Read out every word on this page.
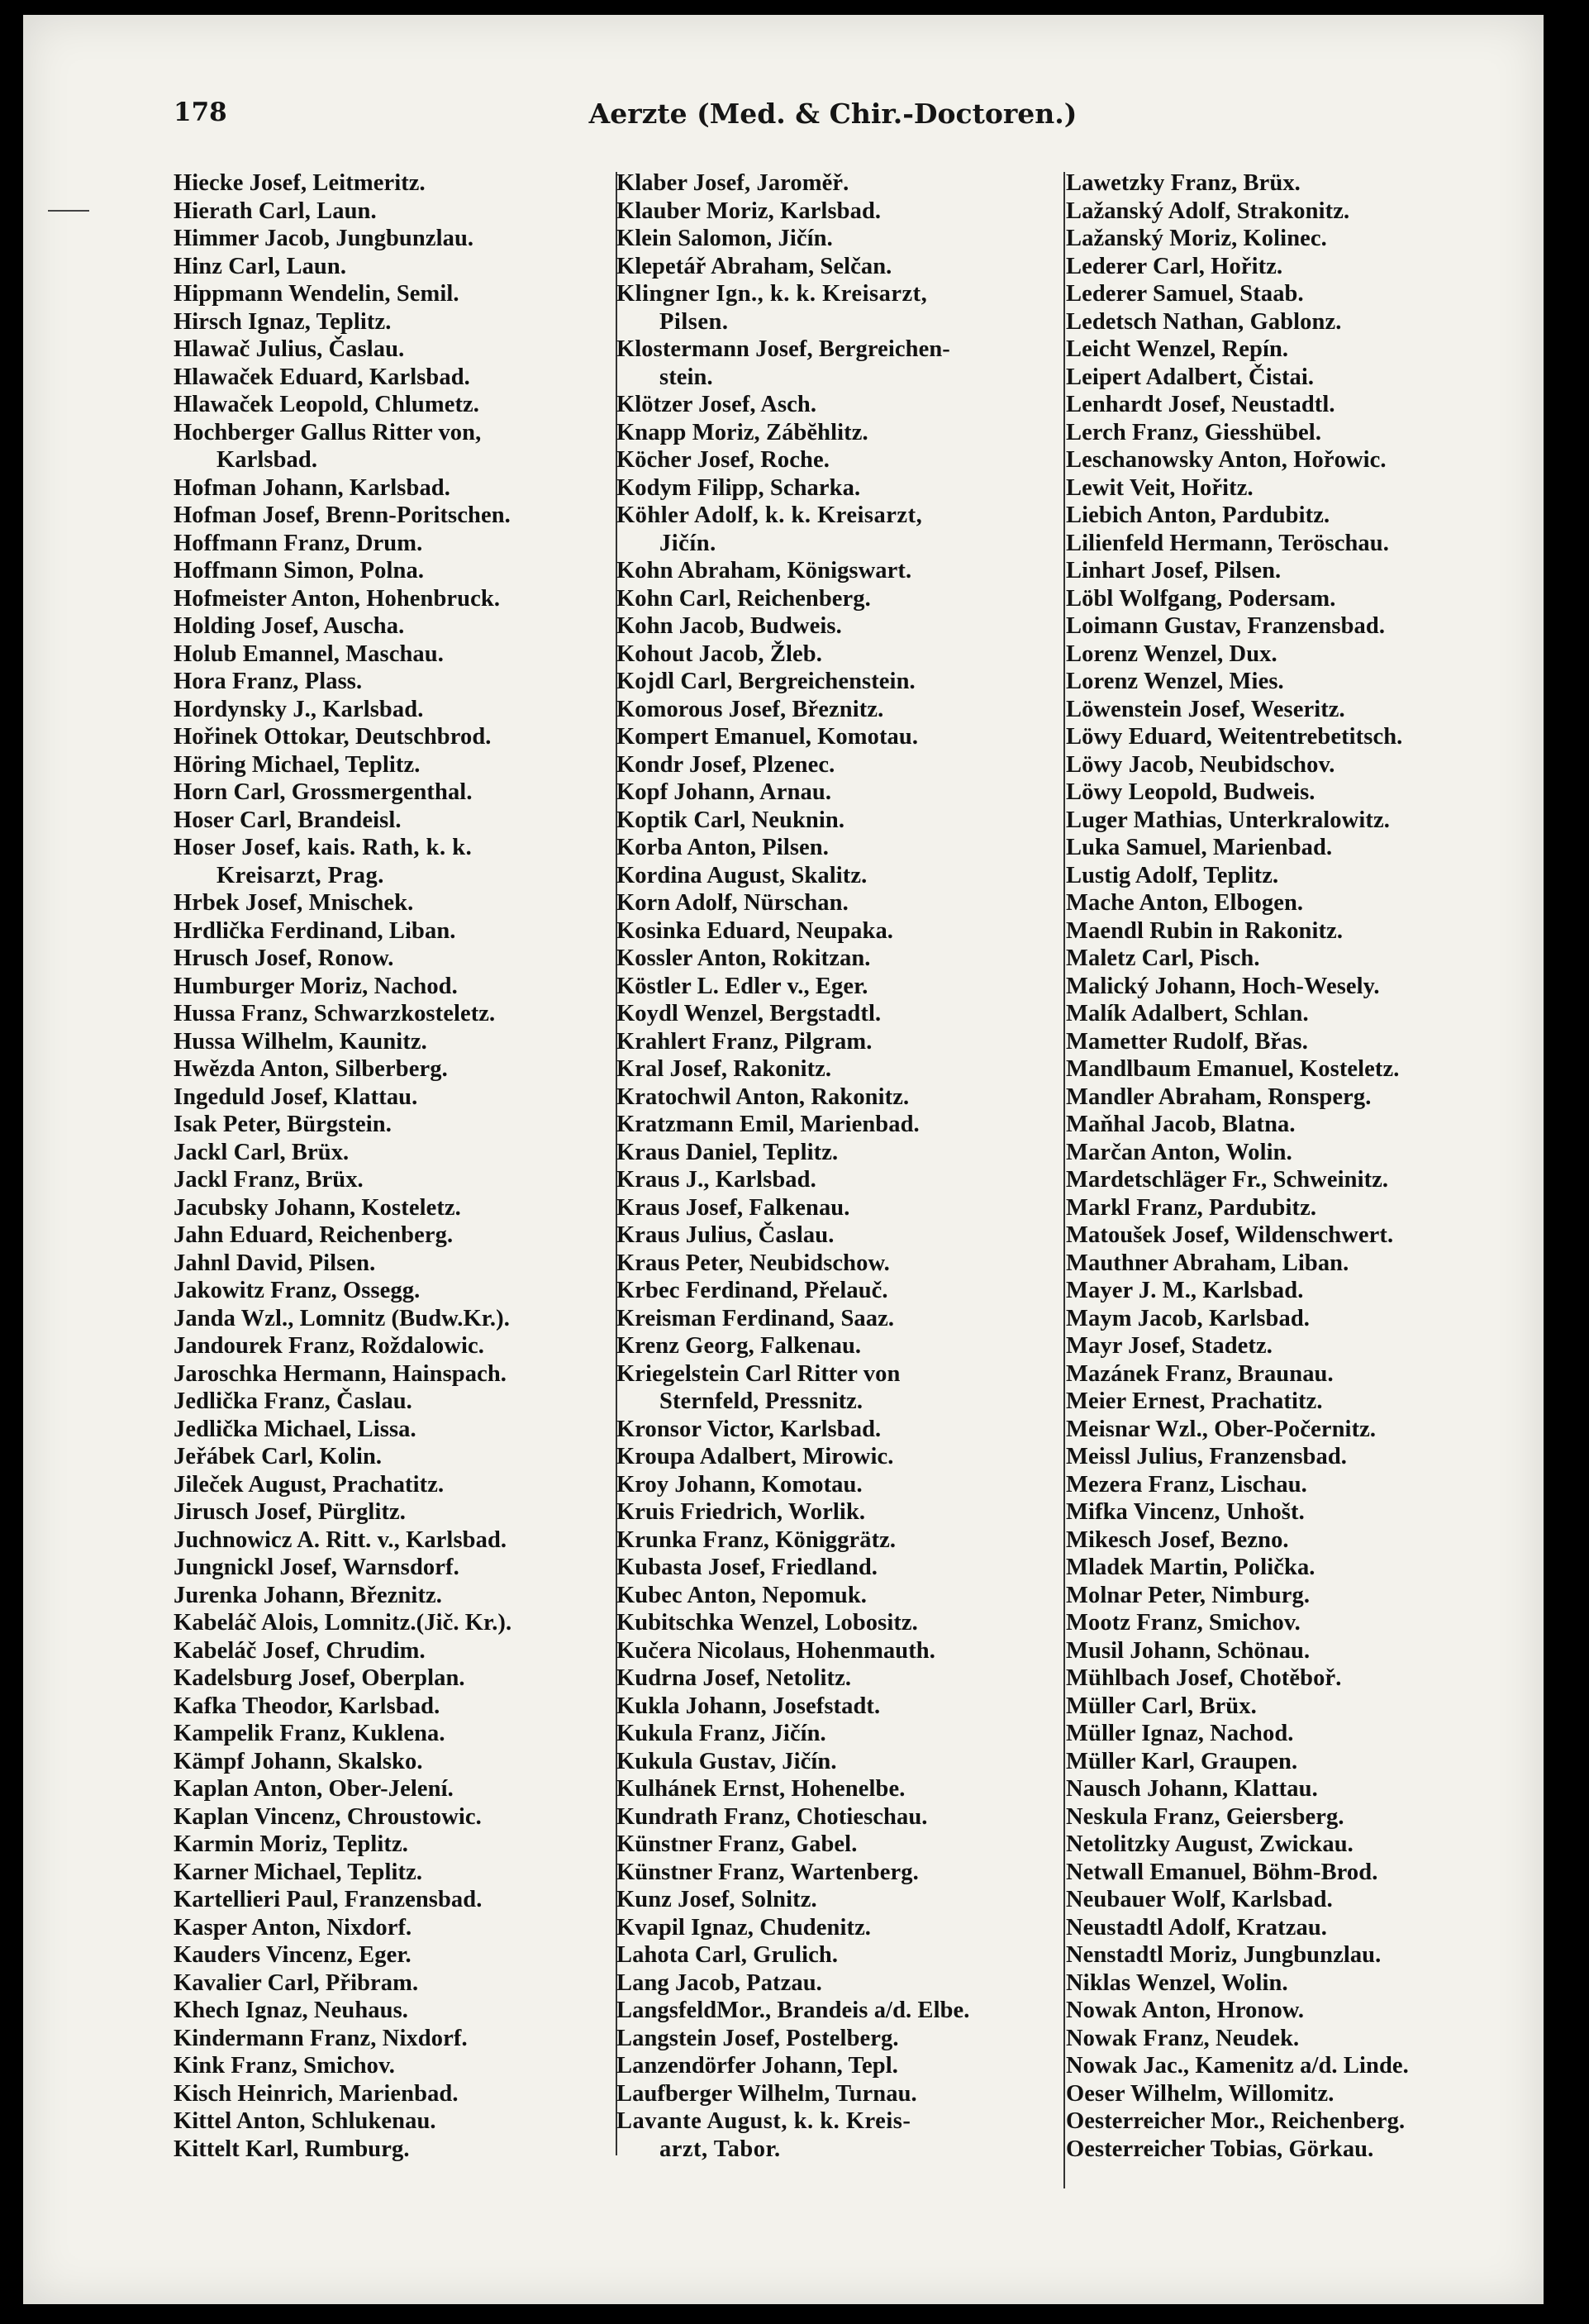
178	Aerzte (Med. & Chir.-Doctoren.)
Hiecke Josef, Leitmeritz.
Hierath Carl, Laun.
Himmer Jacob, Jungbunzlau.
Hinz Carl, Laun.
Hippmann Wendelin, Semil.
Hirsch Ignaz, Teplitz.
Hlawač Julius, Časlau.
Hlawaček Eduard, Karlsbad.
Hlawaček Leopold, Chlumetz.
Hochberger Gallus Ritter von,
Karlsbad.
Hofman Johann, Karlsbad.
Hofman Josef, Brenn-Poritschen.
Hoffmann Franz, Drum.
Hoffmann Simon, Polna.
Hofmeister Anton, Hohenbruck.
Holding Josef, Auscha.
Holub Emannel, Maschau.
Hora Franz, Plass.
Hordynsky J., Karlsbad.
Hořinek Ottokar, Deutschbrod.
Höring Michael, Teplitz.
Horn Carl, Grossmergenthal.
Hoser Carl, Brandeisl.
Hoser Josef, kais. Rath, k. k.
Kreisarzt, Prag.
Hrbek Josef, Mnischek.
Hrdlička Ferdinand, Liban.
Hrusch Josef, Ronow.
Humburger Moriz, Nachod.
Hussa Franz, Schwarzkosteletz.
Hussa Wilhelm, Kaunitz.
Hwězda Anton, Silberberg.
Ingeduld Josef, Klattau.
Isak Peter, Bürgstein.
Jackl Carl, Brüx.
Jackl Franz, Brüx.
Jacubsky Johann, Kosteletz.
Jahn Eduard, Reichenberg.
Jahnl David, Pilsen.
Jakowitz Franz, Ossegg.
Janda Wzl., Lomnitz (Budw.Kr.).
Jandourek Franz, Roždalowic.
Jaroschka Hermann, Hainspach.
Jedlička Franz, Časlau.
Jedlička Michael, Lissa.
Jeřábek Carl, Kolin.
Jileček August, Prachatitz.
Jirusch Josef, Pürglitz.
Juchnowicz A. Ritt. v., Karlsbad.
Jungnickl Josef, Warnsdorf.
Jurenka Johann, Březnitz.
Kabeláč Alois, Lomnitz.(Jič. Kr.).
Kabeláč Josef, Chrudim.
Kadelsburg Josef, Oberplan.
Kafka Theodor, Karlsbad.
Kampelik Franz, Kuklena.
Kämpf Johann, Skalsko.
Kaplan Anton, Ober-Jelení.
Kaplan Vincenz, Chroustowic.
Karmin Moriz, Teplitz.
Karner Michael, Teplitz.
Kartellieri Paul, Franzensbad.
Kasper Anton, Nixdorf.
Kauders Vincenz, Eger.
Kavalier Carl, Přibram.
Khech Ignaz, Neuhaus.
Kindermann Franz, Nixdorf.
Kink Franz, Smichov.
Kisch Heinrich, Marienbad.
Kittel Anton, Schlukenau.
Kittelt Karl, Rumburg.
Klaber Josef, Jaroměř.
Klauber Moriz, Karlsbad.
Klein Salomon, Jičín.
Klepetář Abraham, Selčan.
Klingner Ign., k. k. Kreisarzt,
Pilsen.
Klostermann Josef, Bergreichen-
stein.
Klötzer Josef, Asch.
Knapp Moriz, Zábĕhlitz.
Köcher Josef, Roche.
Kodym Filipp, Scharka.
Köhler Adolf, k. k. Kreisarzt,
Jičín.
Kohn Abraham, Königswart.
Kohn Carl, Reichenberg.
Kohn Jacob, Budweis.
Kohout Jacob, Žleb.
Kojdl Carl, Bergreichenstein.
Komorous Josef, Březnitz.
Kompert Emanuel, Komotau.
Kondr Josef, Plzenec.
Kopf Johann, Arnau.
Koptik Carl, Neuknin.
Korba Anton, Pilsen.
Kordina August, Skalitz.
Korn Adolf, Nürschan.
Kosinka Eduard, Neupaka.
Kossler Anton, Rokitzan.
Köstler L. Edler v., Eger.
Koydl Wenzel, Bergstadtl.
Krahlert Franz, Pilgram.
Kral Josef, Rakonitz.
Kratochwil Anton, Rakonitz.
Kratzmann Emil, Marienbad.
Kraus Daniel, Teplitz.
Kraus J., Karlsbad.
Kraus Josef, Falkenau.
Kraus Julius, Časlau.
Kraus Peter, Neubidschow.
Krbec Ferdinand, Přelauč.
Kreisman Ferdinand, Saaz.
Krenz Georg, Falkenau.
Kriegelstein Carl Ritter von
Sternfeld, Pressnitz.
Kronsor Victor, Karlsbad.
Kroupa Adalbert, Mirowic.
Kroy Johann, Komotau.
Kruis Friedrich, Worlik.
Krunka Franz, Königgrätz.
Kubasta Josef, Friedland.
Kubec Anton, Nepomuk.
Kubitschka Wenzel, Lobositz.
Kučera Nicolaus, Hohenmauth.
Kudrna Josef, Netolitz.
Kukla Johann, Josefstadt.
Kukula Franz, Jičín.
Kukula Gustav, Jičín.
Kulhánek Ernst, Hohenelbe.
Kundrath Franz, Chotieschau.
Künstner Franz, Gabel.
Künstner Franz, Wartenberg.
Kunz Josef, Solnitz.
Kvapil Ignaz, Chudenitz.
Lahota Carl, Grulich.
Lang Jacob, Patzau.
LangsfeldMor., Brandeis a/d. Elbe.
Langstein Josef, Postelberg.
Lanzendörfer Johann, Tepl.
Laufberger Wilhelm, Turnau.
Lavante August, k. k. Kreis-
arzt, Tabor.
Lawetzky Franz, Brüx.
Lažanský Adolf, Strakonitz.
Lažanský Moriz, Kolinec.
Lederer Carl, Hořitz.
Lederer Samuel, Staab.
Ledetsch Nathan, Gablonz.
Leicht Wenzel, Repín.
Leipert Adalbert, Čistai.
Lenhardt Josef, Neustadtl.
Lerch Franz, Giesshübel.
Leschanowsky Anton, Hořowic.
Lewit Veit, Hořitz.
Liebich Anton, Pardubitz.
Lilienfeld Hermann, Teröschau.
Linhart Josef, Pilsen.
Löbl Wolfgang, Podersam.
Loimann Gustav, Franzensbad.
Lorenz Wenzel, Dux.
Lorenz Wenzel, Mies.
Löwenstein Josef, Weseritz.
Löwy Eduard, Weitentrebetitsch.
Löwy Jacob, Neubidschov.
Löwy Leopold, Budweis.
Luger Mathias, Unterkralowitz.
Luka Samuel, Marienbad.
Lustig Adolf, Teplitz.
Mache Anton, Elbogen.
Maendl Rubin in Rakonitz.
Maletz Carl, Pisch.
Malický Johann, Hoch-Wesely.
Malík Adalbert, Schlan.
Mametter Rudolf, Břas.
Mandlbaum Emanuel, Kosteletz.
Mandler Abraham, Ronsperg.
Maňhal Jacob, Blatna.
Marčan Anton, Wolin.
Mardetschläger Fr., Schweinitz.
Markl Franz, Pardubitz.
Matoušek Josef, Wildenschwert.
Mauthner Abraham, Liban.
Mayer J. M., Karlsbad.
Maym Jacob, Karlsbad.
Mayr Josef, Stadetz.
Mazánek Franz, Braunau.
Meier Ernest, Prachatitz.
Meisnar Wzl., Ober-Počernitz.
Meissl Julius, Franzensbad.
Mezera Franz, Lischau.
Mifka Vincenz, Unhošt.
Mikesch Josef, Bezno.
Mladek Martin, Polička.
Molnar Peter, Nimburg.
Mootz Franz, Smichov.
Musil Johann, Schönau.
Mühlbach Josef, Chotěboř.
Müller Carl, Brüx.
Müller Ignaz, Nachod.
Müller Karl, Graupen.
Nausch Johann, Klattau.
Neskula Franz, Geiersberg.
Netolitzky August, Zwickau.
Netwall Emanuel, Böhm-Brod.
Neubauer Wolf, Karlsbad.
Neustadtl Adolf, Kratzau.
Nenstadtl Moriz, Jungbunzlau.
Niklas Wenzel, Wolin.
Nowak Anton, Hronow.
Nowak Franz, Neudek.
Nowak Jac., Kamenitz a/d. Linde.
Oeser Wilhelm, Willomitz.
Oesterreicher Mor., Reichenberg.
Oesterreicher Tobias, Görkau.
